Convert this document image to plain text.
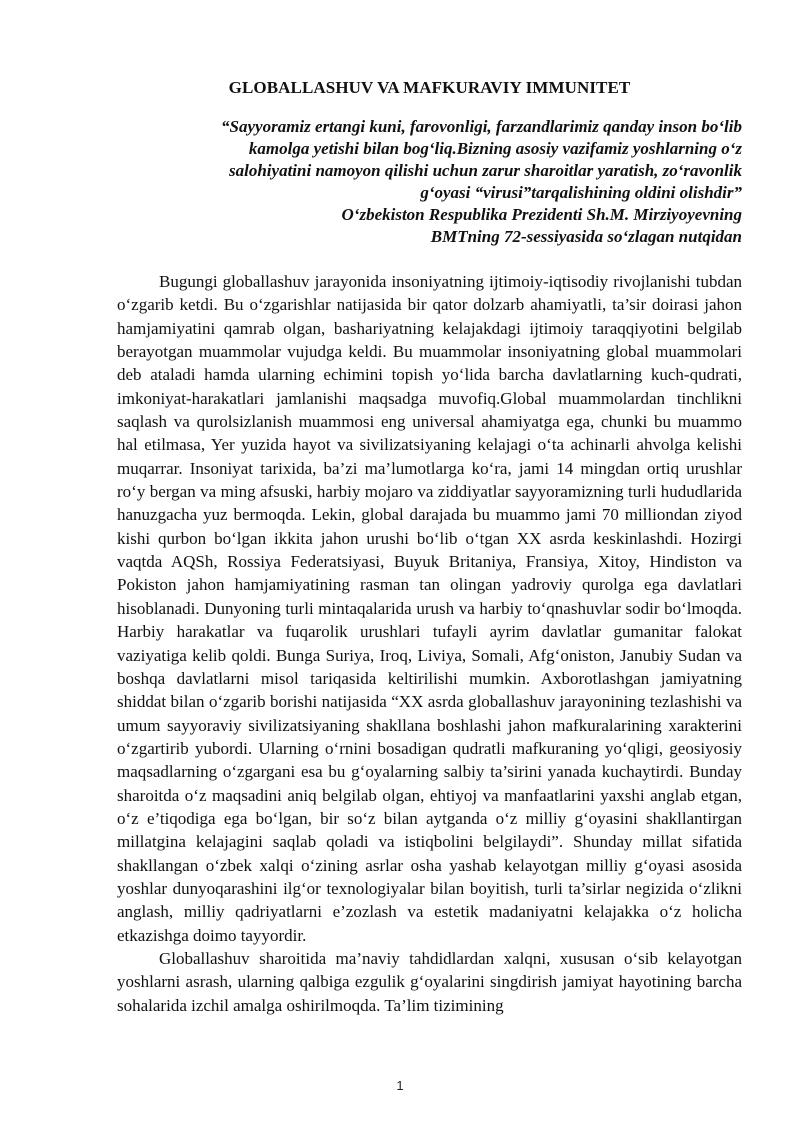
GLOBALLASHUV VA MAFKURAVIY IMMUNITET
“Sayyoramiz ertangi kuni, farovonligi, farzandlarimiz qanday inson bo‘lib kamolga yetishi bilan bog‘liq.Bizning asosiy vazifamiz yoshlarning o‘z salohiyatini namoyon qilishi uchun zarur sharoitlar yaratish, zo‘ravonlik g‘oyasi “virusi”tarqalishining oldini olishdir”
O‘zbekiston Respublika Prezidenti Sh.M. Mirziyoyevning
BMTning 72-sessiyasida so‘zlagan nutqidan

Bugungi globallashuv jarayonida insoniyatning ijtimoiy-iqtisodiy rivojlanishi tubdan o‘zgarib ketdi. Bu o‘zgarishlar natijasida bir qator dolzarb ahamiyatli, ta’sir doirasi jahon hamjamiyatini qamrab olgan, bashariyatning kelajakdagi ijtimoiy taraqqiyotini belgilab berayotgan muammolar vujudga keldi. Bu muammolar insoniyatning global muammolari deb ataladi hamda ularning echimini topish yo‘lida barcha davlatlarning kuch-qudrati, imkoniyat-harakatlari jamlanishi maqsadga muvofiq.Global muammolardan tinchlikni saqlash va qurolsizlanish muammosi eng universal ahamiyatga ega, chunki bu muammo hal etilmasa, Yer yuzida hayot va sivilizatsiyaning kelajagi o‘ta achinarli ahvolga kelishi muqarrar. Insoniyat tarixida, ba’zi ma’lumotlarga ko‘ra, jami 14 mingdan ortiq urushlar ro‘y bergan va ming afsuski, harbiy mojaro va ziddiyatlar sayyoramizning turli hududlarida hanuzgacha yuz bermoqda. Lekin, global darajada bu muammo jami 70 milliondan ziyod kishi qurbon bo‘lgan ikkita jahon urushi bo‘lib o‘tgan XX asrda keskinlashdi. Hozirgi vaqtda AQSh, Rossiya Federatsiyasi, Buyuk Britaniya, Fransiya, Xitoy, Hindiston va Pokiston jahon hamjamiyatining rasman tan olingan yadroviy qurolga ega davlatlari hisoblanadi. Dunyoning turli mintaqalarida urush va harbiy to‘qnashuvlar sodir bo‘lmoqda. Harbiy harakatlar va fuqarolik urushlari tufayli ayrim davlatlar gumanitar falokat vaziyatiga kelib qoldi. Bunga Suriya, Iroq, Liviya, Somali, Afg‘oniston, Janubiy Sudan va boshqa davlatlarni misol tariqasida keltirilishi mumkin. Axborotlashgan jamiyatning shiddat bilan o‘zgarib borishi natijasida “XX asrda globallashuv jarayonining tezlashishi va umum sayyoraviy sivilizatsiyaning shakllana boshlashi jahon mafkuralarining xarakterini o‘zgartirib yubordi. Ularning o‘rnini bosadigan qudratli mafkuraning yo‘qligi, geosiyosiy maqsadlarning o‘zgargani esa bu g‘oyalarning salbiy ta’sirini yanada kuchaytirdi. Bunday sharoitda o‘z maqsadini aniq belgilab olgan, ehtiyoj va manfaatlarini yaxshi anglab etgan, o‘z e’tiqodiga ega bo‘lgan, bir so‘z bilan aytganda o‘z milliy g‘oyasini shakllantirgan millatgina kelajagini saqlab qoladi va istiqbolini belgilaydi”. Shunday millat sifatida shakllangan o‘zbek xalqi o‘zining asrlar osha yashab kelayotgan milliy g‘oyasi asosida yoshlar dunyoqarashini ilg‘or texnologiyalar bilan boyitish, turli ta’sirlar negizida o‘zlikni anglash, milliy qadriyatlarni e’zozlash va estetik madaniyatni kelajakka o‘z holicha etkazishga doimo tayyordir.

Globallashuv sharoitida ma’naviy tahdidlardan xalqni, xususan o‘sib kelayotgan yoshlarni asrash, ularning qalbiga ezgulik g‘oyalarini singdirish jamiyat hayotining barcha sohalarida izchil amalga oshirilmoqda. Ta’lim tizimining

1
